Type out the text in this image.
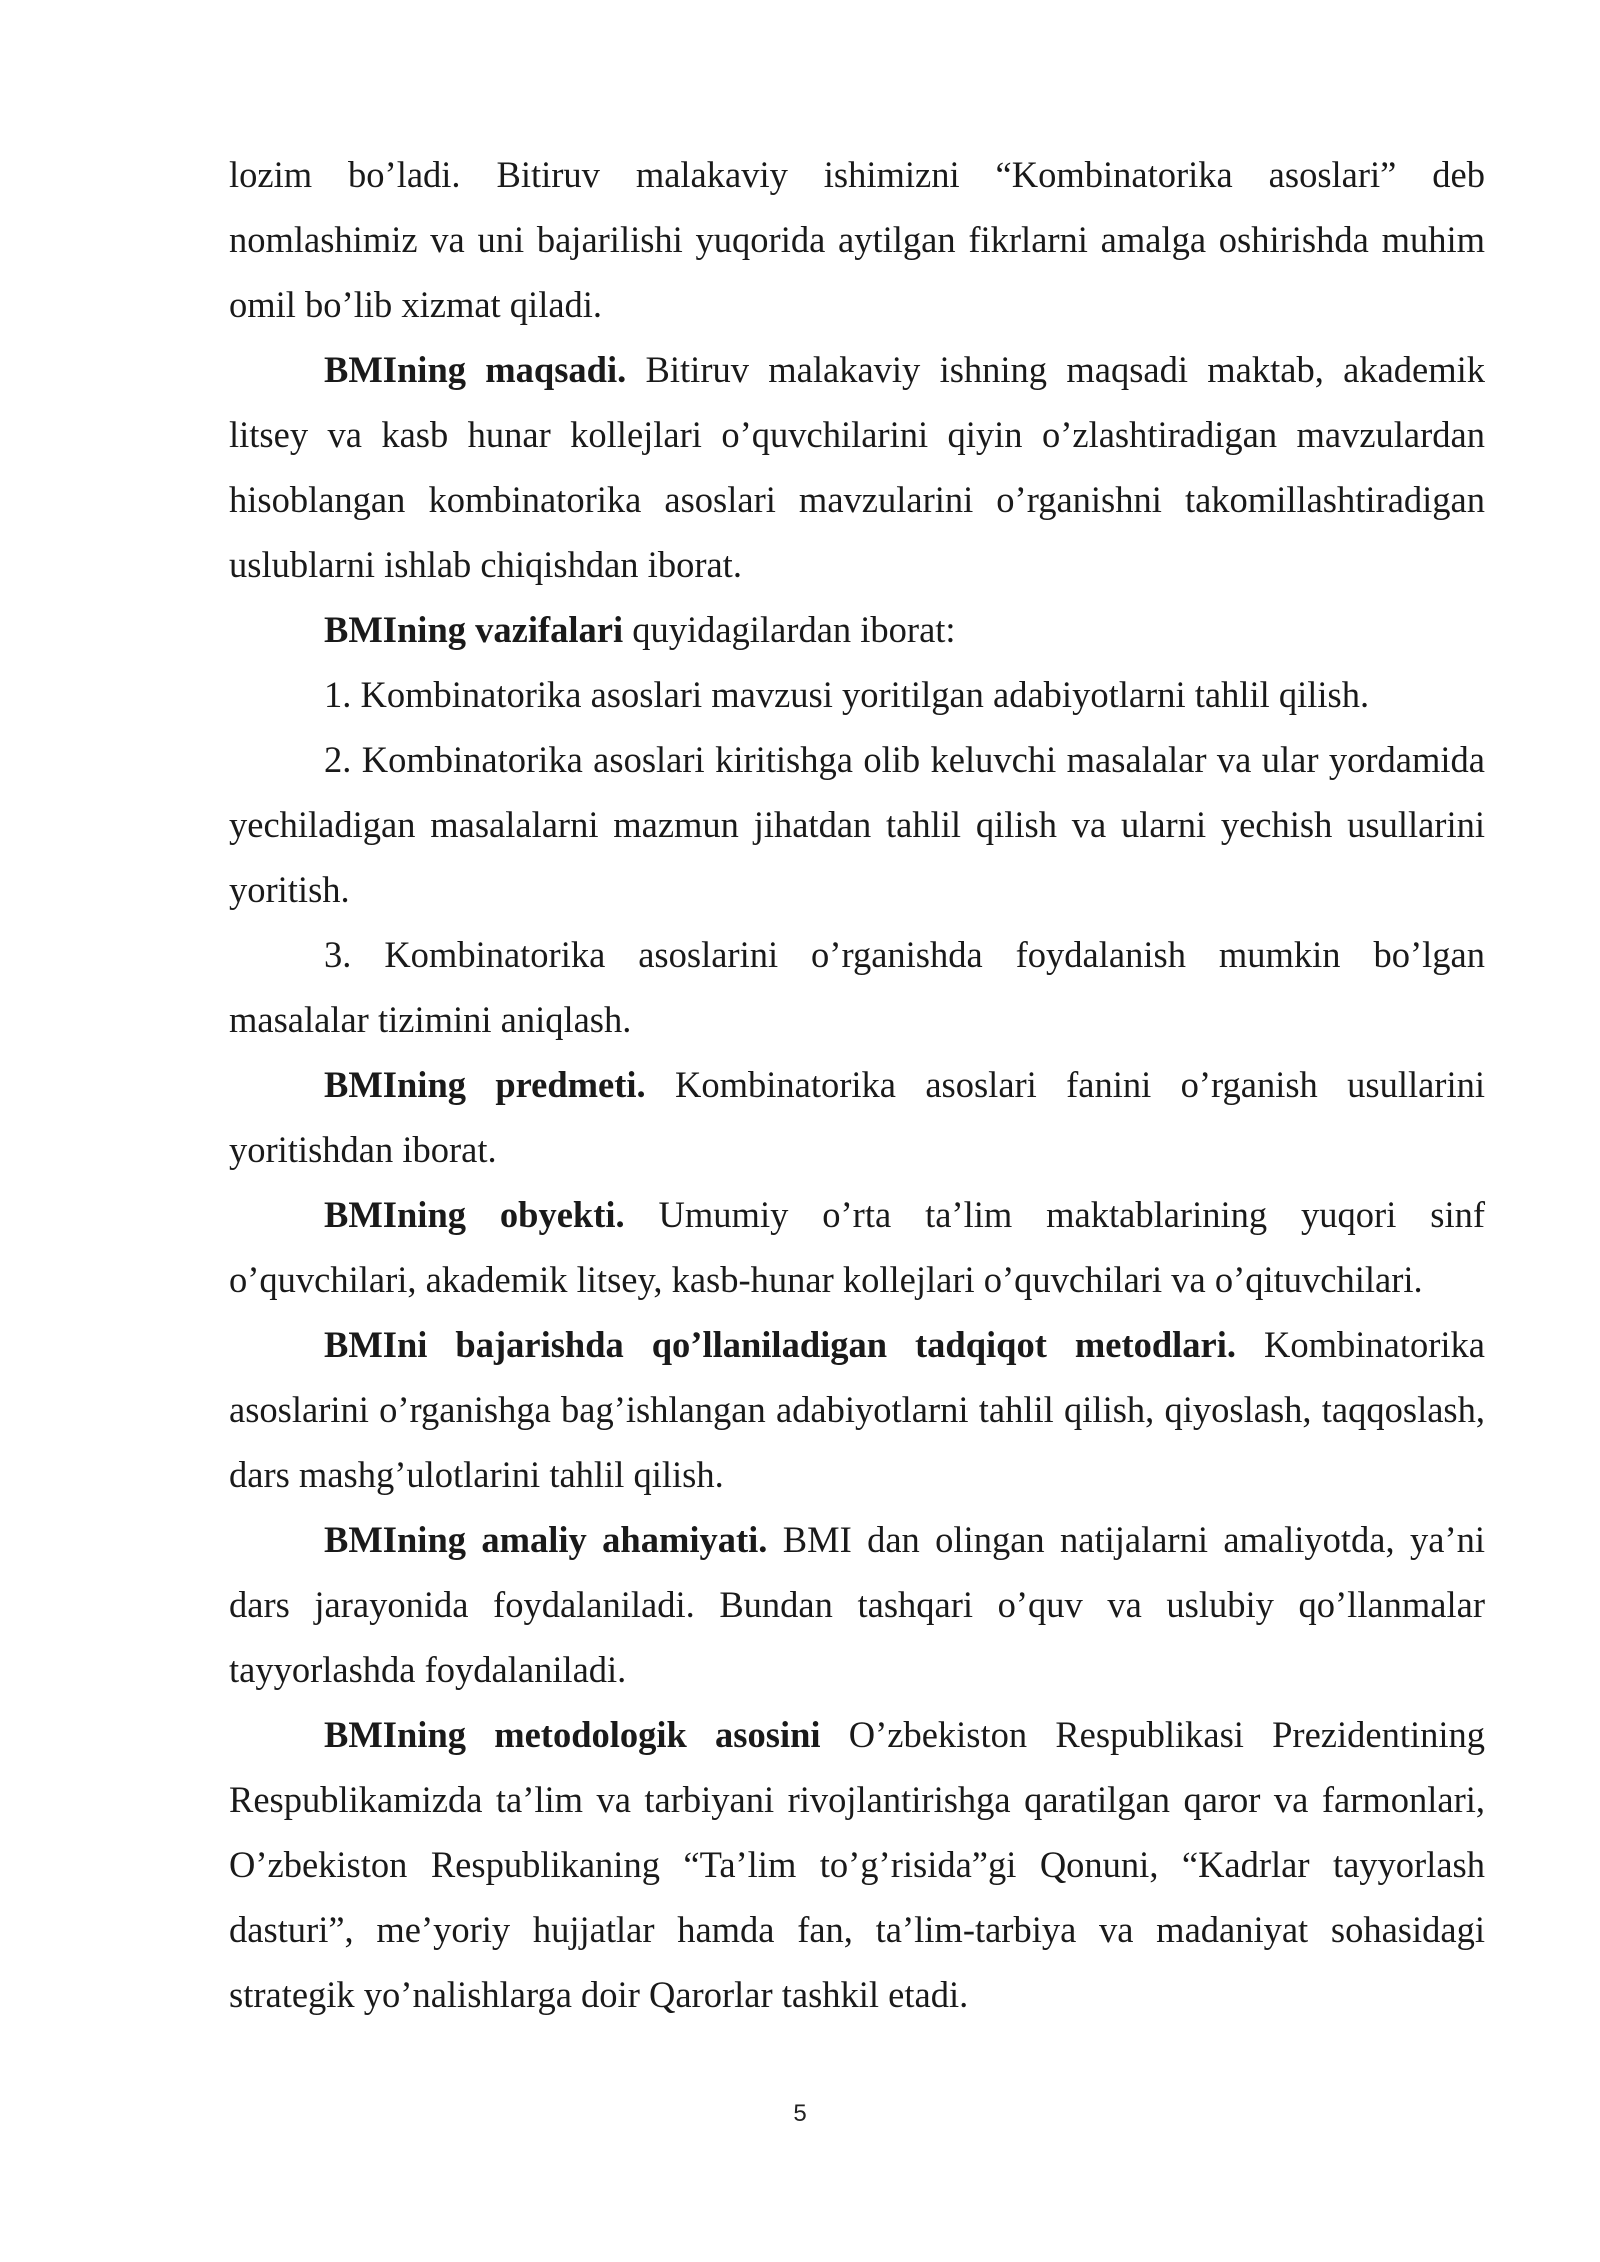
lozim bo’ladi. Bitiruv malakaviy ishimizni “Kombinatorika asoslari” deb nomlashimiz va uni bajarilishi yuqorida aytilgan fikrlarni amalga oshirishda muhim omil bo’lib xizmat qiladi.

BMIning maqsadi. Bitiruv malakaviy ishning maqsadi maktab, akademik litsey va kasb hunar kollejlari o’quvchilarini qiyin o’zlashtiradigan mavzulardan hisoblangan kombinatorika asoslari mavzularini o’rganishni takomillashtiradigan uslublarni ishlab chiqishdan iborat.

BMIning vazifalari quyidagilardan iborat:

1. Kombinatorika asoslari mavzusi yoritilgan adabiyotlarni tahlil qilish.

2. Kombinatorika asoslari kiritishga olib keluvchi masalalar va ular yordamida yechiladigan masalalarni mazmun jihatdan tahlil qilish va ularni yechish usullarini yoritish.

3. Kombinatorika asoslarini o’rganishda foydalanish mumkin bo’lgan masalalar tizimini aniqlash.

BMIning predmeti. Kombinatorika asoslari fanini o’rganish usullarini yoritishdan iborat.

BMIning obyekti. Umumiy o’rta ta’lim maktablarining yuqori sinf o’quvchilari, akademik litsey, kasb-hunar kollejlari o’quvchilari va o’qituvchilari.

BMIni bajarishda qo’llaniladigan tadqiqot metodlari. Kombinatorika asoslarini o’rganishga bag’ishlangan adabiyotlarni tahlil qilish, qiyoslash, taqqoslash, dars mashg’ulotlarini tahlil qilish.

BMIning amaliy ahamiyati. BMI dan olingan natijalarni amaliyotda, ya’ni dars jarayonida foydalaniladi. Bundan tashqari o’quv va uslubiy qo’llanmalar tayyorlashda foydalaniladi.

BMIning metodologik asosini O’zbekiston Respublikasi Prezidentining Respublikamizda ta’lim va tarbiyani rivojlantirishga qaratilgan qaror va farmonlari, O’zbekiston Respublikaning “Ta’lim to’g’risida”gi Qonuni, “Kadrlar tayyorlash dasturi”, me’yoriy hujjatlar hamda fan, ta’lim-tarbiya va madaniyat sohasidagi strategik yo’nalishlarga doir Qarorlar tashkil etadi.

5
